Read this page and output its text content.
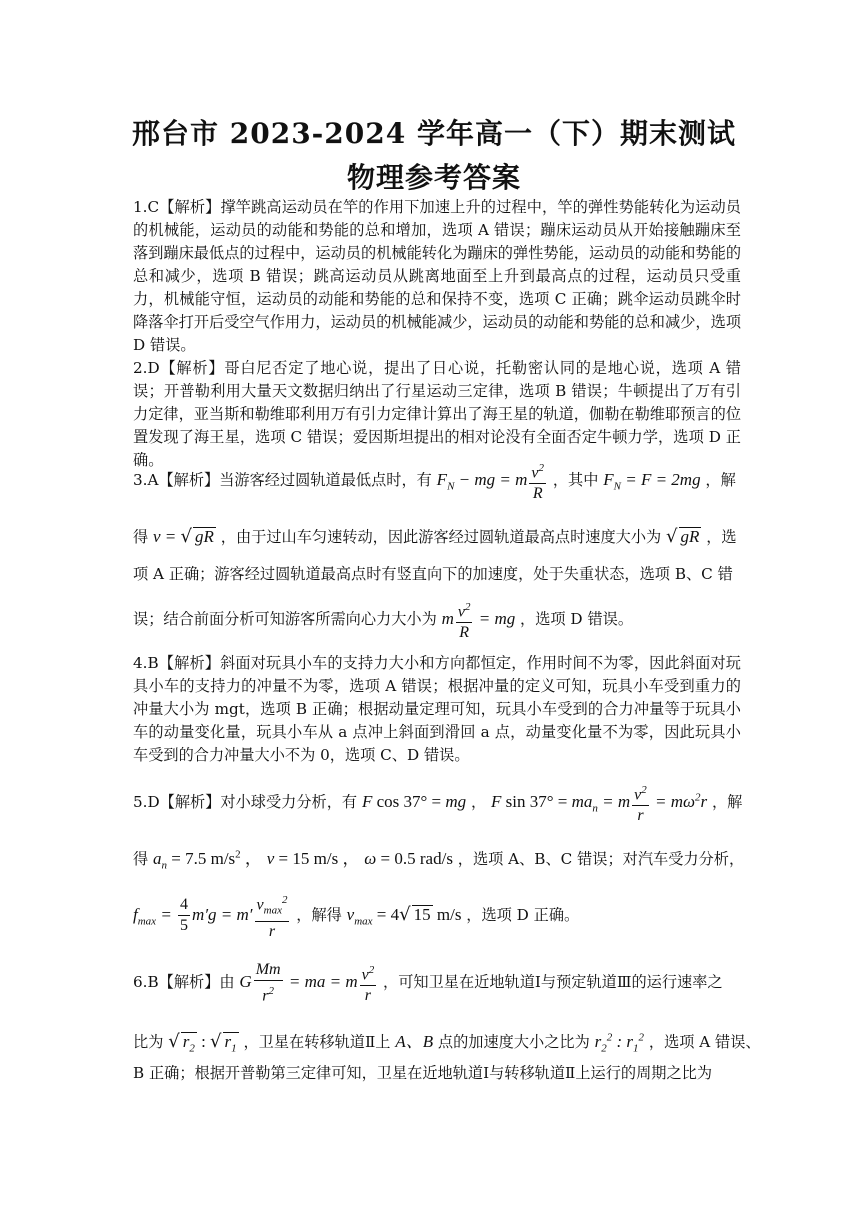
邢台市 2023-2024 学年高一（下）期末测试
物理参考答案
1.C【解析】撑竿跳高运动员在竿的作用下加速上升的过程中，竿的弹性势能转化为运动员的机械能，运动员的动能和势能的总和增加，选项 A 错误；蹦床运动员从开始接触蹦床至落到蹦床最低点的过程中，运动员的机械能转化为蹦床的弹性势能，运动员的动能和势能的总和减少，选项 B 错误；跳高运动员从跳离地面至上升到最高点的过程，运动员只受重力，机械能守恒，运动员的动能和势能的总和保持不变，选项 C 正确；跳伞运动员跳伞时降落伞打开后受空气作用力，运动员的机械能减少，运动员的动能和势能的总和减少，选项 D 错误。
2.D【解析】哥白尼否定了地心说，提出了日心说，托勒密认同的是地心说，选项 A 错误；开普勒利用大量天文数据归纳出了行星运动三定律，选项 B 错误；牛顿提出了万有引力定律，亚当斯和勒维耶利用万有引力定律计算出了海王星的轨道，伽勒在勒维耶预言的位置发现了海王星，选项 C 错误；爱因斯坦提出的相对论没有全面否定牛顿力学，选项 D 正确。
3.A【解析】当游客经过圆轨道最低点时，有 $F_N$ − mg = m $\frac{v^2}{R}$ ，其中 $F_N = F = 2mg$ ，解
得 v = √ gR ，由于过山车匀速转动，因此游客经过圆轨道最高点时速度大小为 √ gR ，选
项 A 正确；游客经过圆轨道最高点时有竖直向下的加速度，处于失重状态，选项 B、C 错
误；结合前面分析可知游客所需向心力大小为 m $\frac{v^2}{R}$ = mg ，选项 D 错误。
4.B【解析】斜面对玩具小车的支持力大小和方向都恒定，作用时间不为零，因此斜面对玩具小车的支持力的冲量不为零，选项 A 错误；根据冲量的定义可知，玩具小车受到重力的冲量大小为 mgt，选项 B 正确；根据动量定理可知，玩具小车受到的合力冲量等于玩具小车的动量变化量，玩具小车从 a 点冲上斜面到滑回 a 点，动量变化量不为零，因此玩具小车受到的合力冲量大小不为 0，选项 C、D 错误。
5.D【解析】对小球受力分析，有 F cos 37° = mg ， F $\sin 37^\circ = ma_n = m \frac{v^2}{r} = m\omega^2r$ ，解
得 $a_n = 7.5$ $m/s^2$ ， v = 15 m/s ， ω = 0.5 rad/s ，选项 A、B、C 错误；对汽车受力分析，
$f_{max} = \frac{4}{5} m'g = m' \frac{v_{max}^2}{r}$ ，解得 $v_{max} = 4√$ 15 m/s ，选项 D 正确。
6.B【解析】由 G $\frac{Mm}{r^2}$ = ma = m $\frac{v^2}{r}$ ，可知卫星在近地轨道Ⅰ与预定轨道Ⅲ的运行速率之
比为 √ $r_2$ : √ $r_1$ ，卫星在转移轨道Ⅱ上 A、B 点的加速度大小之比为 $r_2^2$ : $r_1^2$ ，选项 A 错误、
B 正确；根据开普勒第三定律可知，卫星在近地轨道Ⅰ与转移轨道Ⅱ上运行的周期之比为
